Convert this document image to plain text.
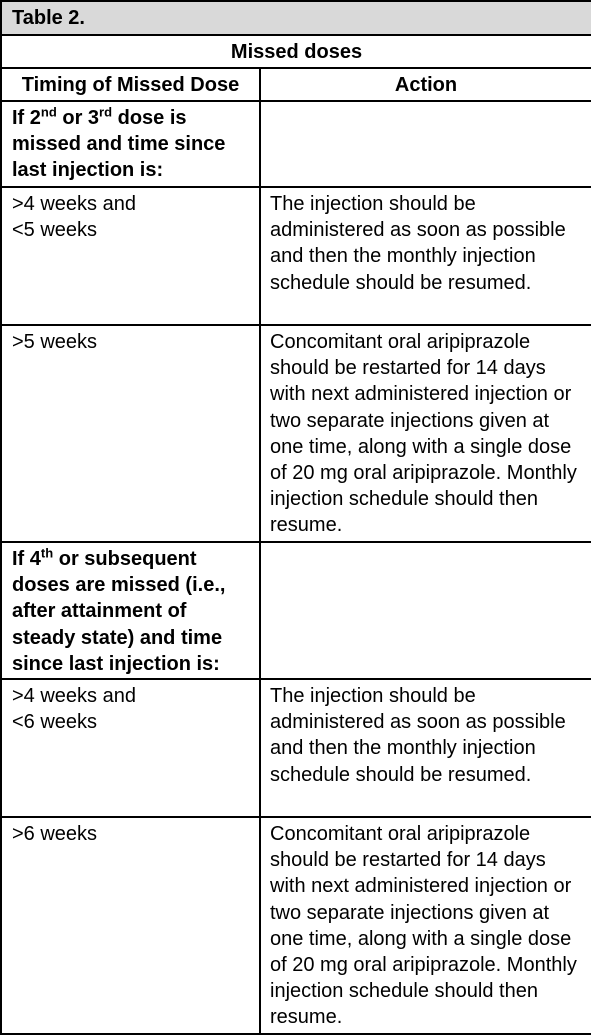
Table 2.	
Missed doses	
Timing of Missed Dose	Action
If 2nd or 3rd dose is missed and time since last injection is:	

>4 weeks and
<5 weeks	The injection should be administered as soon as possible and then the monthly injection schedule should be resumed.

>5 weeks	Concomitant oral aripiprazole should be restarted for 14 days with next administered injection or two separate injections given at one time, along with a single dose of 20 mg oral aripiprazole. Monthly injection schedule should then resume.
If 4th or subsequent doses are missed (i.e., after attainment of steady state) and time since last injection is:	

>4 weeks and
<6 weeks	The injection should be administered as soon as possible and then the monthly injection schedule should be resumed.

>6 weeks	Concomitant oral aripiprazole should be restarted for 14 days with next administered injection or two separate injections given at one time, along with a single dose of 20 mg oral aripiprazole. Monthly injection schedule should then resume.
